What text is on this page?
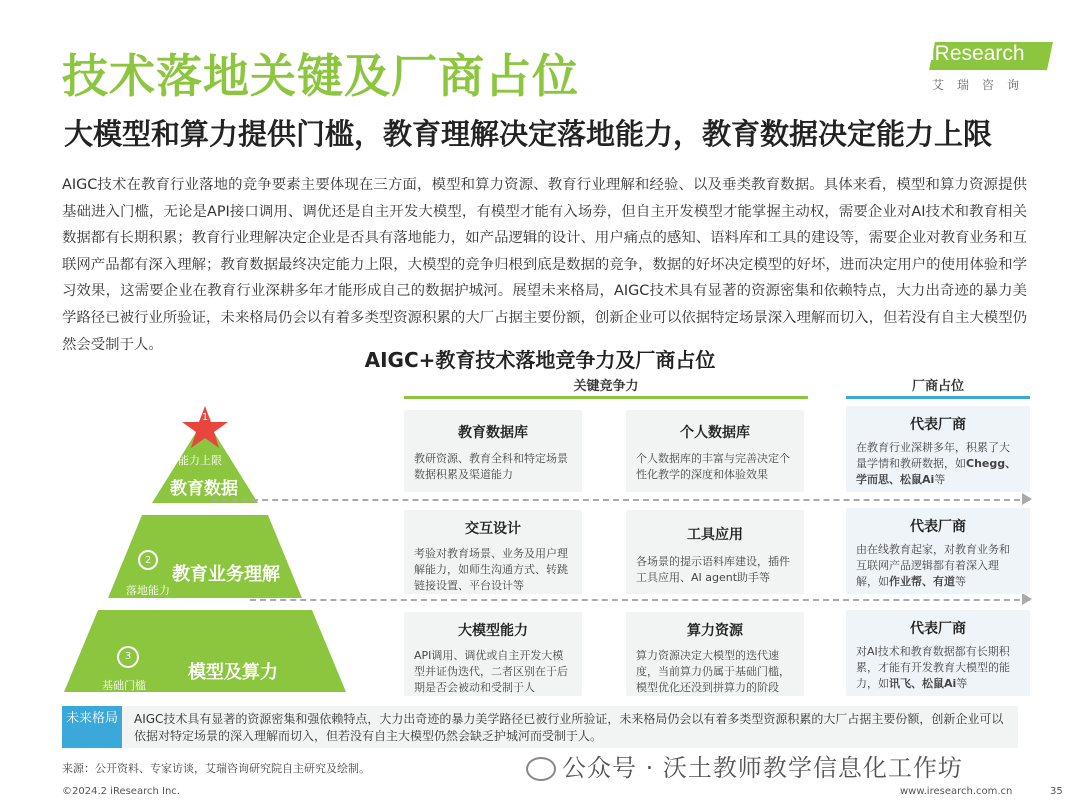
技术落地关键及厂商占位
大模型和算力提供门槛，教育理解决定落地能力，教育数据决定能力上限
iResearch
艾瑞咨询
AIGC技术在教育行业落地的竞争要素主要体现在三方面，模型和算力资源、教育行业理解和经验、以及垂类教育数据。具体来看，模型和算力资源提供基础进入门槛，无论是API接口调用、调优还是自主开发大模型，有模型才能有入场券，但自主开发模型才能掌握主动权，需要企业对AI技术和教育相关数据都有长期积累；教育行业理解决定企业是否具有落地能力，如产品逻辑的设计、用户痛点的感知、语料库和工具的建设等，需要企业对教育业务和互联网产品都有深入理解；教育数据最终决定能力上限，大模型的竞争归根到底是数据的竞争，数据的好坏决定模型的好坏，进而决定用户的使用体验和学习效果，这需要企业在教育行业深耕多年才能形成自己的数据护城河。展望未来格局，AIGC技术具有显著的资源密集和依赖特点，大力出奇迹的暴力美学路径已被行业所验证，未来格局仍会以有着多类型资源积累的大厂占据主要份额，创新企业可以依据特定场景深入理解而切入，但若没有自主大模型仍然会受制于人。
AIGC+教育技术落地竞争力及厂商占位
关键竞争力	厂商占位
1
能力上限
教育数据
2
教育业务理解
落地能力
3
模型及算力
基础门槛
教育数据库

教研资源、教育全科和特定场景数据积累及渠道能力

个人数据库

个人数据库的丰富与完善决定个性化教学的深度和体验效果

代表厂商

在教育行业深耕多年，积累了大量学情和教研数据，如Chegg、学而思、松鼠Ai等

交互设计

考验对教育场景、业务及用户理解能力，如师生沟通方式、转跳链接设置、平台设计等

工具应用

各场景的提示语料库建设，插件工具应用、AI agent助手等

代表厂商

由在线教育起家，对教育业务和互联网产品逻辑都有着深入理解，如作业帮、有道等

大模型能力

API调用、调优或自主开发大模型并证伪迭代，二者区别在于后期是否会被动和受制于人

算力资源

算力资源决定大模型的迭代速度，当前算力仍属于基础门槛，模型优化还没到拼算力的阶段

代表厂商

对AI技术和教育数据都有长期积累，才能有开发教育大模型的能力，如讯飞、松鼠Ai等

未来格局	AIGC技术具有显著的资源密集和强依赖特点，大力出奇迹的暴力美学路径已被行业所验证，未来格局仍会以有着多类型资源积累的大厂占据主要份额，创新企业可以依据对特定场景的深入理解而切入，但若没有自主大模型仍然会缺乏护城河而受制于人。
来源：公开资料、专家访谈，艾瑞咨询研究院自主研究及绘制。	公众号 · 沃土教师教学信息化工作坊
©2024.2 iResearch Inc.	www.iresearch.com.cn	35
